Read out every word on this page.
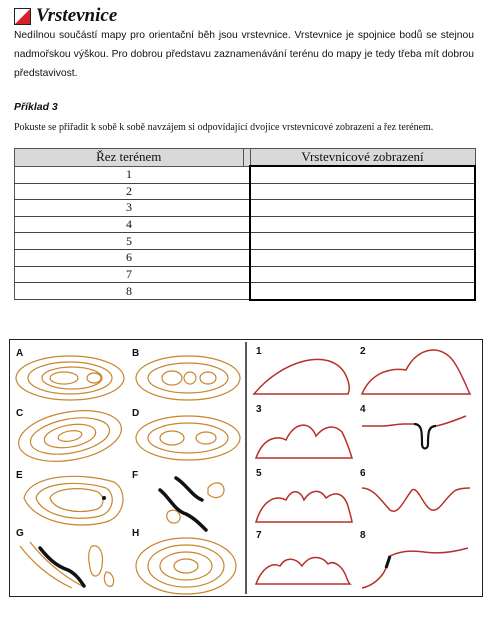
Vrstevnice
Nedílnou součástí mapy pro orientační běh jsou vrstevnice. Vrstevnice je spojnice bodů se stejnou nadmořskou výškou. Pro dobrou představu zaznamenávání terénu do mapy je tedy třeba mít dobrou představivost.
Příklad 3
Pokuste se přiřadit k sobě k sobě navzájem si odpovídající dvojice vrstevnicové zobrazení a řez terénem.
Řez terénem		Vrstevnicové zobrazení
1		
2		
3		
4		
5		
6		
7		
8		
A	B
C	D
E	F
G	H
1	2
3	4
5	6
7	8
